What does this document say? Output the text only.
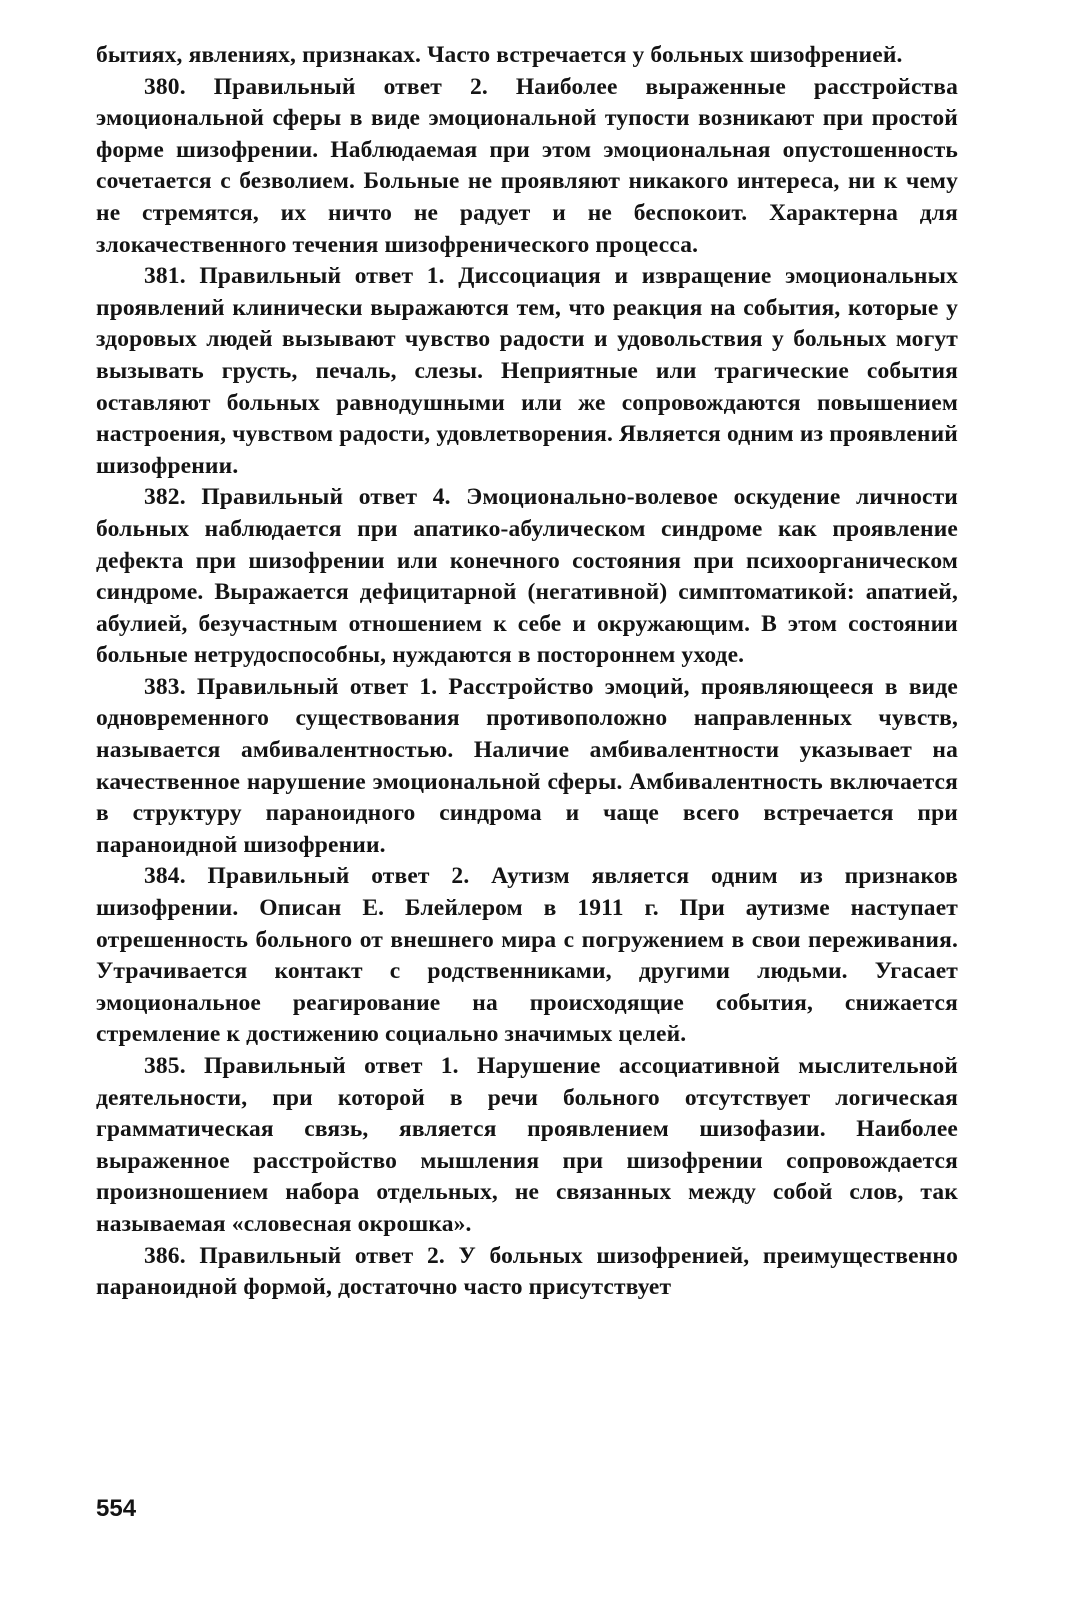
бытиях, явлениях, признаках. Часто встречается у больных шизофренией.

380. Правильный ответ 2. Наиболее выраженные расстройства эмоциональной сферы в виде эмоциональной тупости возникают при простой форме шизофрении. Наблюдаемая при этом эмоциональная опустошенность сочетается с безволием. Больные не проявляют никакого интереса, ни к чему не стремятся, их ничто не радует и не беспокоит. Характерна для злокачественного течения шизофренического процесса.

381. Правильный ответ 1. Диссоциация и извращение эмоциональных проявлений клинически выражаются тем, что реакция на события, которые у здоровых людей вызывают чувство радости и удовольствия у больных могут вызывать грусть, печаль, слезы. Неприятные или трагические события оставляют больных равнодушными или же сопровождаются повышением настроения, чувством радости, удовлетворения. Является одним из проявлений шизофрении.

382. Правильный ответ 4. Эмоционально-волевое оскудение личности больных наблюдается при апатико-абулическом синдроме как проявление дефекта при шизофрении или конечного состояния при психоорганическом синдроме. Выражается дефицитарной (негативной) симптоматикой: апатией, абулией, безучастным отношением к себе и окружающим. В этом состоянии больные нетрудоспособны, нуждаются в постороннем уходе.

383. Правильный ответ 1. Расстройство эмоций, проявляющееся в виде одновременного существования противоположно направленных чувств, называется амбивалентностью. Наличие амбивалентности указывает на качественное нарушение эмоциональной сферы. Амбивалентность включается в структуру параноидного синдрома и чаще всего встречается при параноидной шизофрении.

384. Правильный ответ 2. Аутизм является одним из признаков шизофрении. Описан Е. Блейлером в 1911 г. При аутизме наступает отрешенность больного от внешнего мира с погружением в свои переживания. Утрачивается контакт с родственниками, другими людьми. Угасает эмоциональное реагирование на происходящие события, снижается стремление к достижению социально значимых целей.

385. Правильный ответ 1. Нарушение ассоциативной мыслительной деятельности, при которой в речи больного отсутствует логическая грамматическая связь, является проявлением шизофазии. Наиболее выраженное расстройство мышления при шизофрении сопровождается произношением набора отдельных, не связанных между собой слов, так называемая «словесная окрошка».

386. Правильный ответ 2. У больных шизофренией, преимущественно параноидной формой, достаточно часто присутствует

554
